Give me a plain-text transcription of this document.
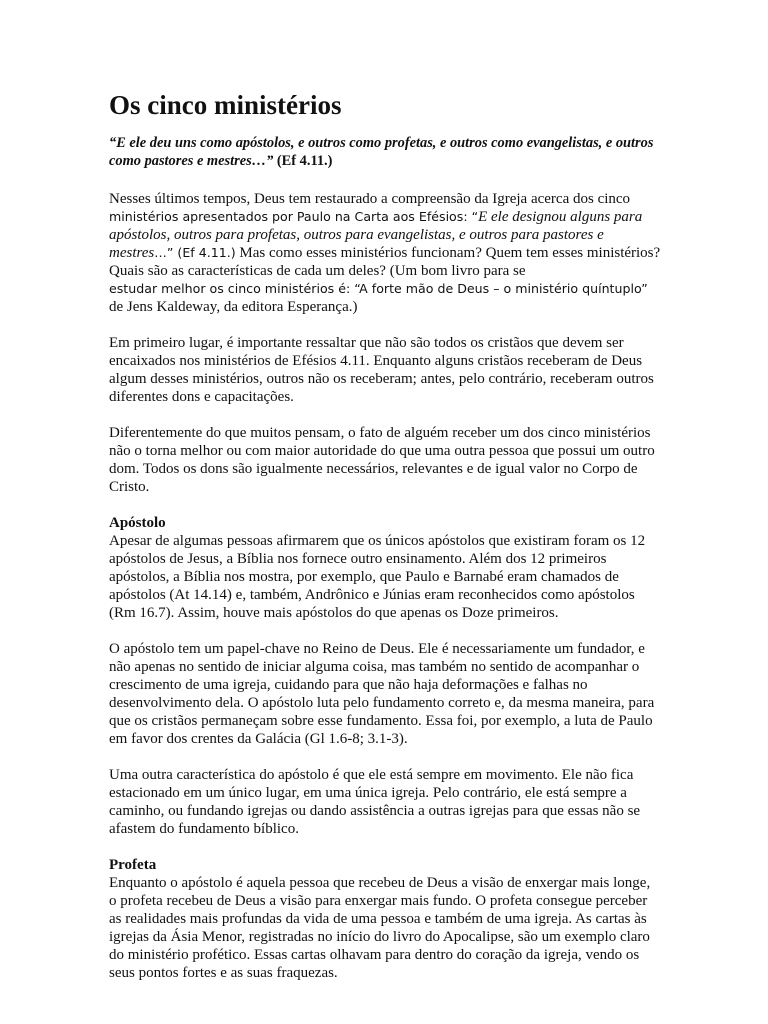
Os cinco ministérios

“E ele deu uns como apóstolos, e outros como profetas, e outros como evangelistas, e outros como pastores e mestres…” (Ef 4.11.)

Nesses últimos tempos, Deus tem restaurado a compreensão da Igreja acerca dos cinco
ministérios apresentados por Paulo na Carta aos Efésios: “E ele designou alguns para apóstolos, outros para profetas, outros para evangelistas, e outros para pastores e mestres…” (Ef 4.11.) Mas como esses ministérios funcionam? Quem tem esses ministérios? Quais são as características de cada um deles? (Um bom livro para se
estudar melhor os cinco ministérios é: “A forte mão de Deus – o ministério quíntuplo”
de Jens Kaldeway, da editora Esperança.)

Em primeiro lugar, é importante ressaltar que não são todos os cristãos que devem ser encaixados nos ministérios de Efésios 4.11. Enquanto alguns cristãos receberam de Deus algum desses ministérios, outros não os receberam; antes, pelo contrário, receberam outros diferentes dons e capacitações.

Diferentemente do que muitos pensam, o fato de alguém receber um dos cinco ministérios não o torna melhor ou com maior autoridade do que uma outra pessoa que possui um outro dom. Todos os dons são igualmente necessários, relevantes e de igual valor no Corpo de Cristo.

Apóstolo

Apesar de algumas pessoas afirmarem que os únicos apóstolos que existiram foram os 12 apóstolos de Jesus, a Bíblia nos fornece outro ensinamento. Além dos 12 primeiros apóstolos, a Bíblia nos mostra, por exemplo, que Paulo e Barnabé eram chamados de apóstolos (At 14.14) e, também, Andrônico e Júnias eram reconhecidos como apóstolos (Rm 16.7). Assim, houve mais apóstolos do que apenas os Doze primeiros.

O apóstolo tem um papel-chave no Reino de Deus. Ele é necessariamente um fundador, e não apenas no sentido de iniciar alguma coisa, mas também no sentido de acompanhar o crescimento de uma igreja, cuidando para que não haja deformações e falhas no desenvolvimento dela. O apóstolo luta pelo fundamento correto e, da mesma maneira, para que os cristãos permaneçam sobre esse fundamento. Essa foi, por exemplo, a luta de Paulo em favor dos crentes da Galácia (Gl 1.6-8; 3.1-3).

Uma outra característica do apóstolo é que ele está sempre em movimento. Ele não fica estacionado em um único lugar, em uma única igreja. Pelo contrário, ele está sempre a caminho, ou fundando igrejas ou dando assistência a outras igrejas para que essas não se afastem do fundamento bíblico.

Profeta

Enquanto o apóstolo é aquela pessoa que recebeu de Deus a visão de enxergar mais longe, o profeta recebeu de Deus a visão para enxergar mais fundo. O profeta consegue perceber as realidades mais profundas da vida de uma pessoa e também de uma igreja. As cartas às igrejas da Ásia Menor, registradas no início do livro do Apocalipse, são um exemplo claro do ministério profético. Essas cartas olhavam para dentro do coração da igreja, vendo os seus pontos fortes e as suas fraquezas.
